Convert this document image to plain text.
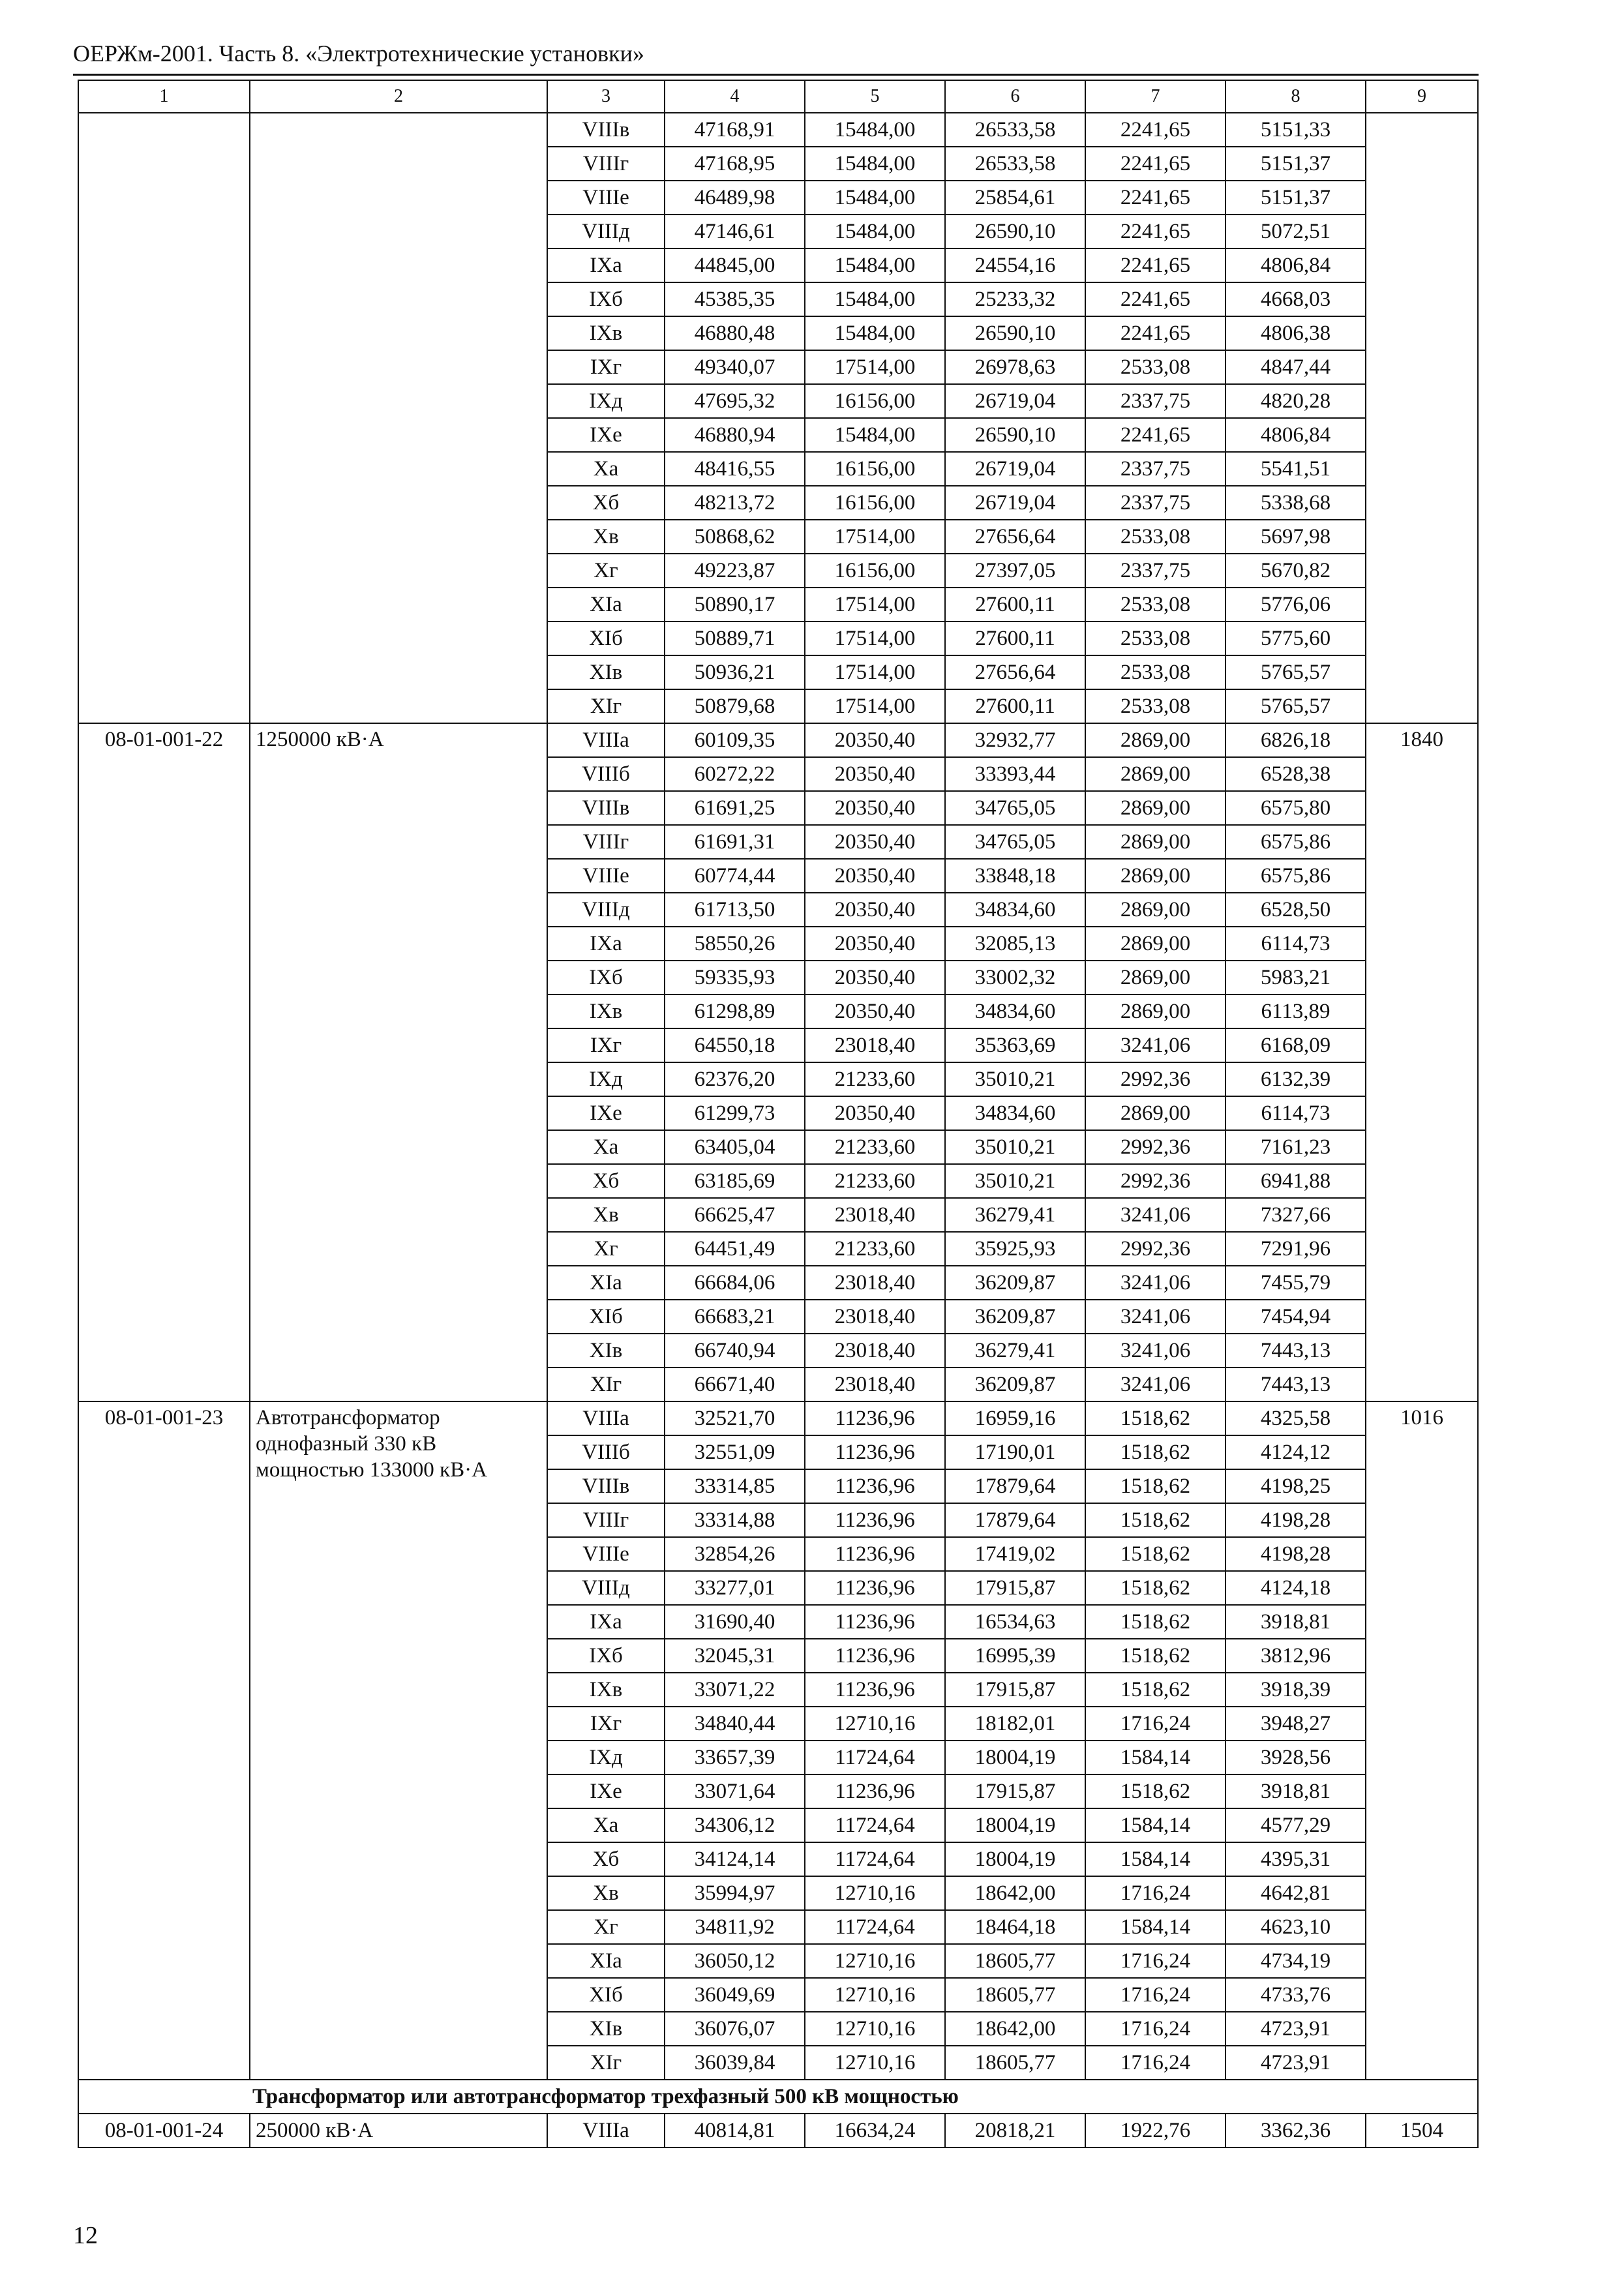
ОЕРЖм-2001. Часть 8. «Электротехнические установки»
1	2	3	4	5	6	7	8	9
		VIIIв	47168,91	15484,00	26533,58	2241,65	5151,33	
		VIIIг	47168,95	15484,00	26533,58	2241,65	5151,37	
		VIIIе	46489,98	15484,00	25854,61	2241,65	5151,37	
		VIIIд	47146,61	15484,00	26590,10	2241,65	5072,51	
		IXа	44845,00	15484,00	24554,16	2241,65	4806,84	
		IXб	45385,35	15484,00	25233,32	2241,65	4668,03	
		IXв	46880,48	15484,00	26590,10	2241,65	4806,38	
		IXг	49340,07	17514,00	26978,63	2533,08	4847,44	
		IXд	47695,32	16156,00	26719,04	2337,75	4820,28	
		IXе	46880,94	15484,00	26590,10	2241,65	4806,84	
		Xа	48416,55	16156,00	26719,04	2337,75	5541,51	
		Xб	48213,72	16156,00	26719,04	2337,75	5338,68	
		Xв	50868,62	17514,00	27656,64	2533,08	5697,98	
		Xг	49223,87	16156,00	27397,05	2337,75	5670,82	
		XIа	50890,17	17514,00	27600,11	2533,08	5776,06	
		XIб	50889,71	17514,00	27600,11	2533,08	5775,60	
		XIв	50936,21	17514,00	27656,64	2533,08	5765,57	
		XIг	50879,68	17514,00	27600,11	2533,08	5765,57	
08-01-001-22	1250000 кВ·А	VIIIа	60109,35	20350,40	32932,77	2869,00	6826,18	1840
		VIIIб	60272,22	20350,40	33393,44	2869,00	6528,38	
		VIIIв	61691,25	20350,40	34765,05	2869,00	6575,80	
		VIIIг	61691,31	20350,40	34765,05	2869,00	6575,86	
		VIIIе	60774,44	20350,40	33848,18	2869,00	6575,86	
		VIIIд	61713,50	20350,40	34834,60	2869,00	6528,50	
		IXа	58550,26	20350,40	32085,13	2869,00	6114,73	
		IXб	59335,93	20350,40	33002,32	2869,00	5983,21	
		IXв	61298,89	20350,40	34834,60	2869,00	6113,89	
		IXг	64550,18	23018,40	35363,69	3241,06	6168,09	
		IXд	62376,20	21233,60	35010,21	2992,36	6132,39	
		IXе	61299,73	20350,40	34834,60	2869,00	6114,73	
		Xа	63405,04	21233,60	35010,21	2992,36	7161,23	
		Xб	63185,69	21233,60	35010,21	2992,36	6941,88	
		Xв	66625,47	23018,40	36279,41	3241,06	7327,66	
		Xг	64451,49	21233,60	35925,93	2992,36	7291,96	
		XIа	66684,06	23018,40	36209,87	3241,06	7455,79	
		XIб	66683,21	23018,40	36209,87	3241,06	7454,94	
		XIв	66740,94	23018,40	36279,41	3241,06	7443,13	
		XIг	66671,40	23018,40	36209,87	3241,06	7443,13	
08-01-001-23	Автотрансформатор однофазный 330 кВ мощностью 133000 кВ·А	VIIIа	32521,70	11236,96	16959,16	1518,62	4325,58	1016
		VIIIб	32551,09	11236,96	17190,01	1518,62	4124,12	
		VIIIв	33314,85	11236,96	17879,64	1518,62	4198,25	
		VIIIг	33314,88	11236,96	17879,64	1518,62	4198,28	
		VIIIе	32854,26	11236,96	17419,02	1518,62	4198,28	
		VIIIд	33277,01	11236,96	17915,87	1518,62	4124,18	
		IXа	31690,40	11236,96	16534,63	1518,62	3918,81	
		IXб	32045,31	11236,96	16995,39	1518,62	3812,96	
		IXв	33071,22	11236,96	17915,87	1518,62	3918,39	
		IXг	34840,44	12710,16	18182,01	1716,24	3948,27	
		IXд	33657,39	11724,64	18004,19	1584,14	3928,56	
		IXе	33071,64	11236,96	17915,87	1518,62	3918,81	
		Xа	34306,12	11724,64	18004,19	1584,14	4577,29	
		Xб	34124,14	11724,64	18004,19	1584,14	4395,31	
		Xв	35994,97	12710,16	18642,00	1716,24	4642,81	
		Xг	34811,92	11724,64	18464,18	1584,14	4623,10	
		XIа	36050,12	12710,16	18605,77	1716,24	4734,19	
		XIб	36049,69	12710,16	18605,77	1716,24	4733,76	
		XIв	36076,07	12710,16	18642,00	1716,24	4723,91	
		XIг	36039,84	12710,16	18605,77	1716,24	4723,91	
Трансформатор или автотрансформатор трехфазный 500 кВ мощностью								
08-01-001-24	250000 кВ·А	VIIIа	40814,81	16634,24	20818,21	1922,76	3362,36	1504
12
